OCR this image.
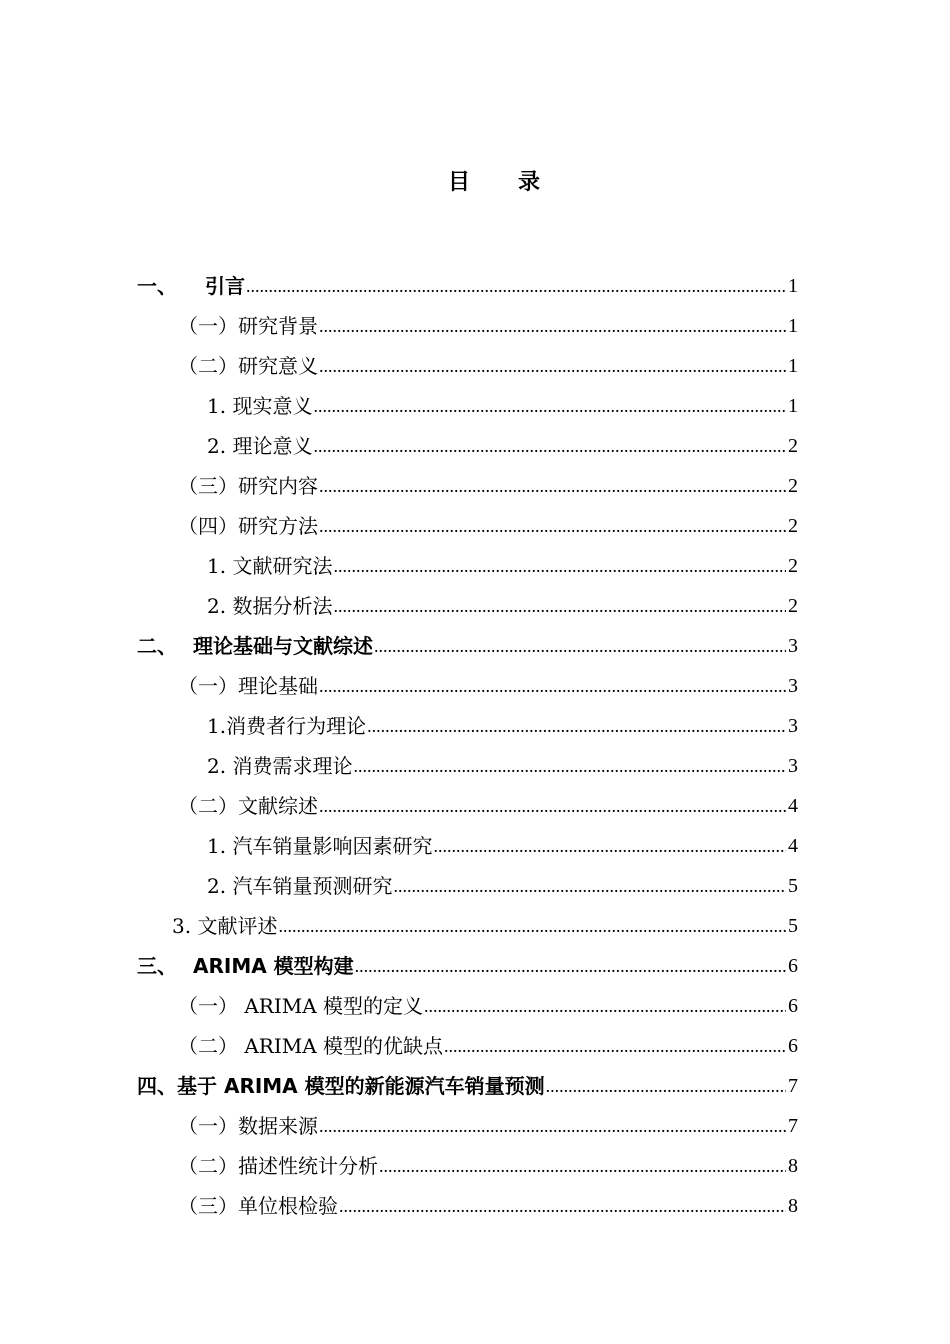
目 录
一、	引言 .....	1
（一）研究背景 .....	1
（二）研究意义 .....	1
1. 现实意义 .....	1
2. 理论意义 .....	2
（三）研究内容 .....	2
（四）研究方法 .....	2
1. 文献研究法 .....	2
2. 数据分析法 .....	2
二、 理论基础与文献综述 .....	3
（一）理论基础 .....	3
1.消费者行为理论 .....	3
2. 消费需求理论 .....	3
（二）文献综述 .....	4
1. 汽车销量影响因素研究 .....	4
2. 汽车销量预测研究 .....	5
3. 文献评述 .....	5
三、 ARIMA 模型构建 .....	6
（一） ARIMA 模型的定义 .....	6
（二） ARIMA 模型的优缺点 .....	6
四、基于 ARIMA 模型的新能源汽车销量预测 .....	7
（一）数据来源 .....	7
（二）描述性统计分析 .....	8
（三）单位根检验 .....	8
